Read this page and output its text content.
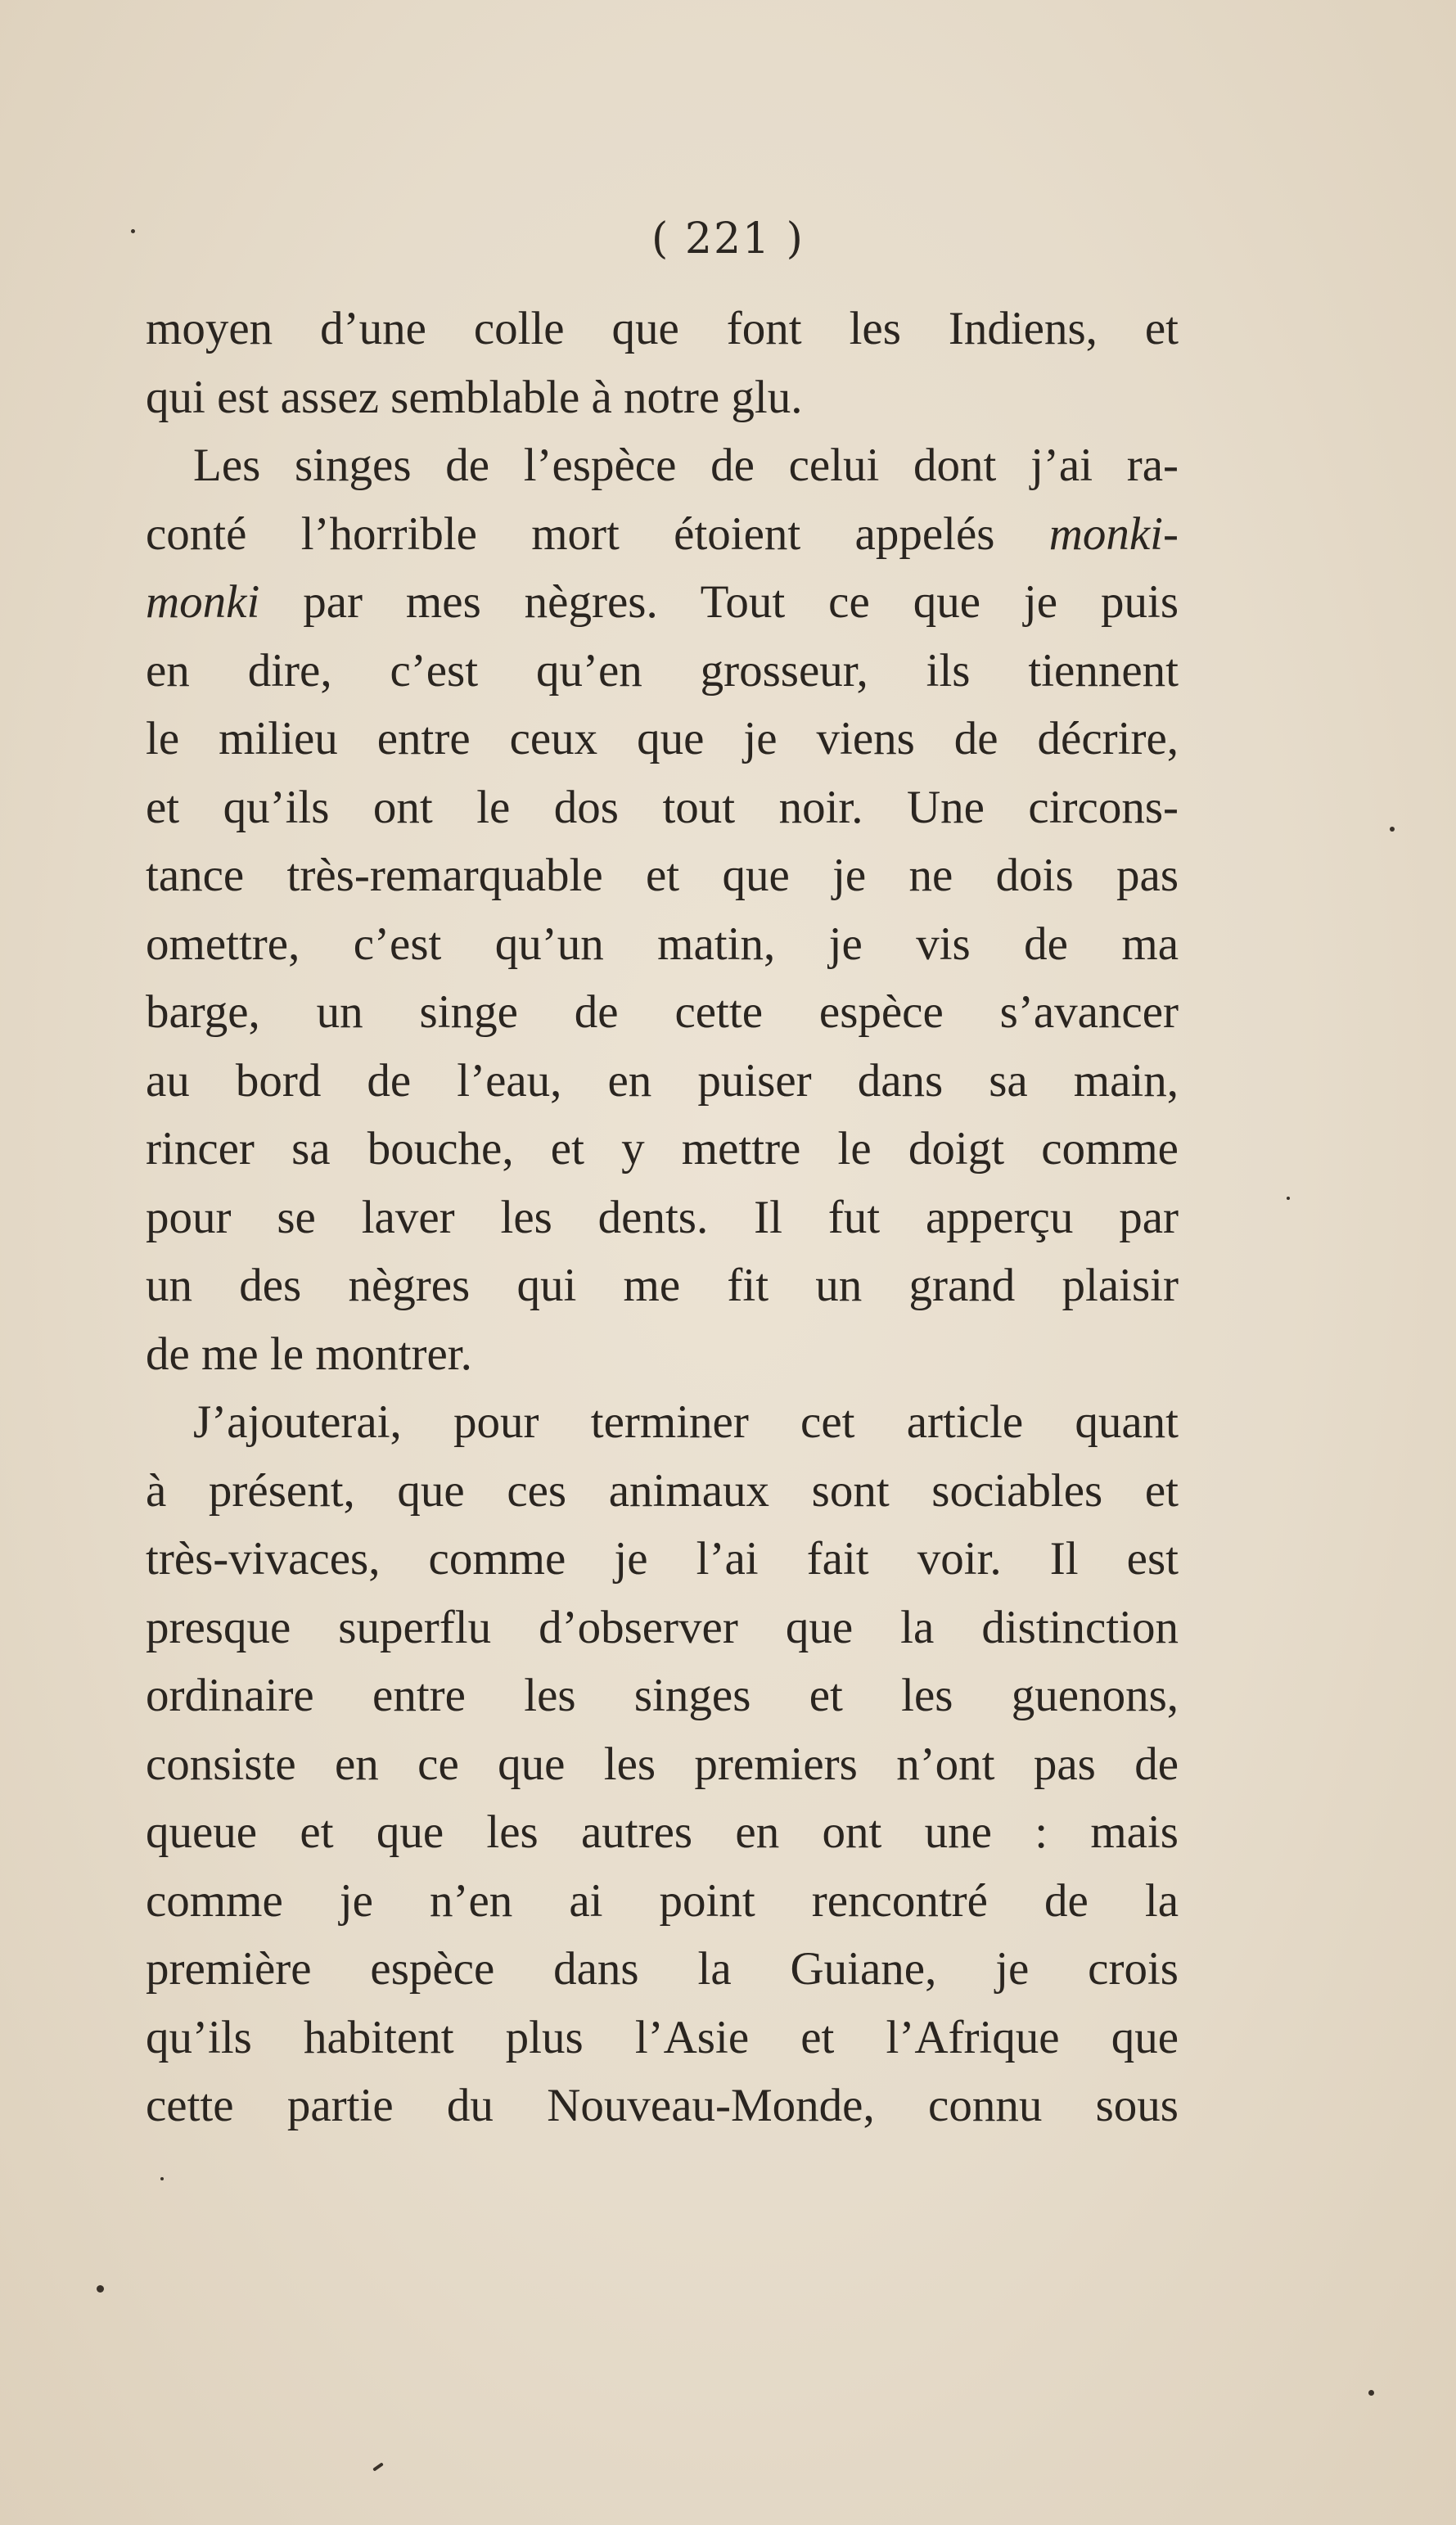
( 221 )
moyen d’une colle que font les Indiens, et
qui est assez semblable à notre glu.
Les singes de l’espèce de celui dont j’ai ra-
conté l’horrible mort étoient appelés monki-
monki par mes nègres. Tout ce que je puis
en dire, c’est qu’en grosseur, ils tiennent
le milieu entre ceux que je viens de décrire,
et qu’ils ont le dos tout noir. Une circons-
tance très-remarquable et que je ne dois pas
omettre, c’est qu’un matin, je vis de ma
barge, un singe de cette espèce s’avancer
au bord de l’eau, en puiser dans sa main,
rincer sa bouche, et y mettre le doigt comme
pour se laver les dents. Il fut apperçu par
un des nègres qui me fit un grand plaisir
de me le montrer.
J’ajouterai, pour terminer cet article quant
à présent, que ces animaux sont sociables et
très-vivaces, comme je l’ai fait voir. Il est
presque superflu d’observer que la distinction
ordinaire entre les singes et les guenons,
consiste en ce que les premiers n’ont pas de
queue et que les autres en ont une : mais
comme je n’en ai point rencontré de la
première espèce dans la Guiane, je crois
qu’ils habitent plus l’Asie et l’Afrique que
cette partie du Nouveau-Monde, connu sous
